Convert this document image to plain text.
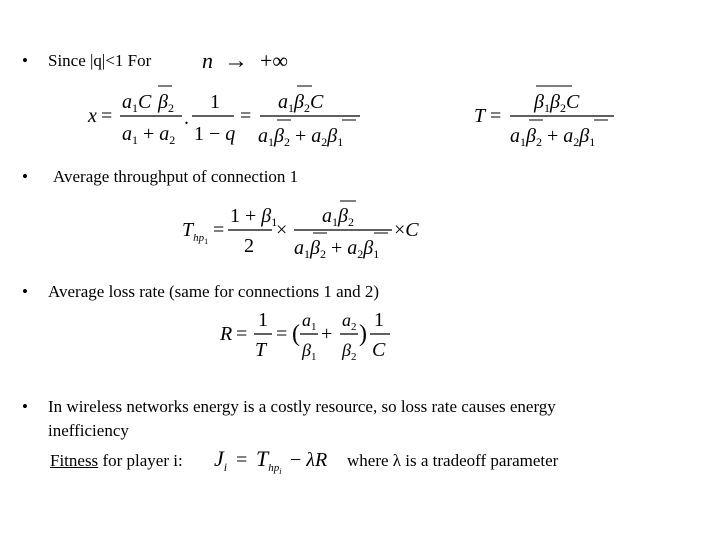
• Since |q|<1 For n → +∞
x =
$a_1C$ $\beta_2$
$a_1 + a_2$
.
1
1 − q
=
$a_1\beta_2C$
$a_1\beta_2 + a_2\beta_1$
T =
$\beta_1\beta_2C$
$a_1\beta_2 + a_2\beta_1$
• Average throughput of connection 1
$T_{hp}1$
=
$1 + \beta_1$
2
×
$a_1\beta_2$
$a_1\beta_2 + a_2\beta_1$
×C
• Average loss rate (same for connections 1 and 2)
R =
1
T
= (
$a_1$
$\beta_1$
+
$a_2$
$\beta_2$
)
1
C
• In wireless networks energy is a costly resource, so loss rate causes energy
inefficiency
Fitness for player i: $J_i = T_{hp}i$
− λR where λ is a tradeoff parameter
